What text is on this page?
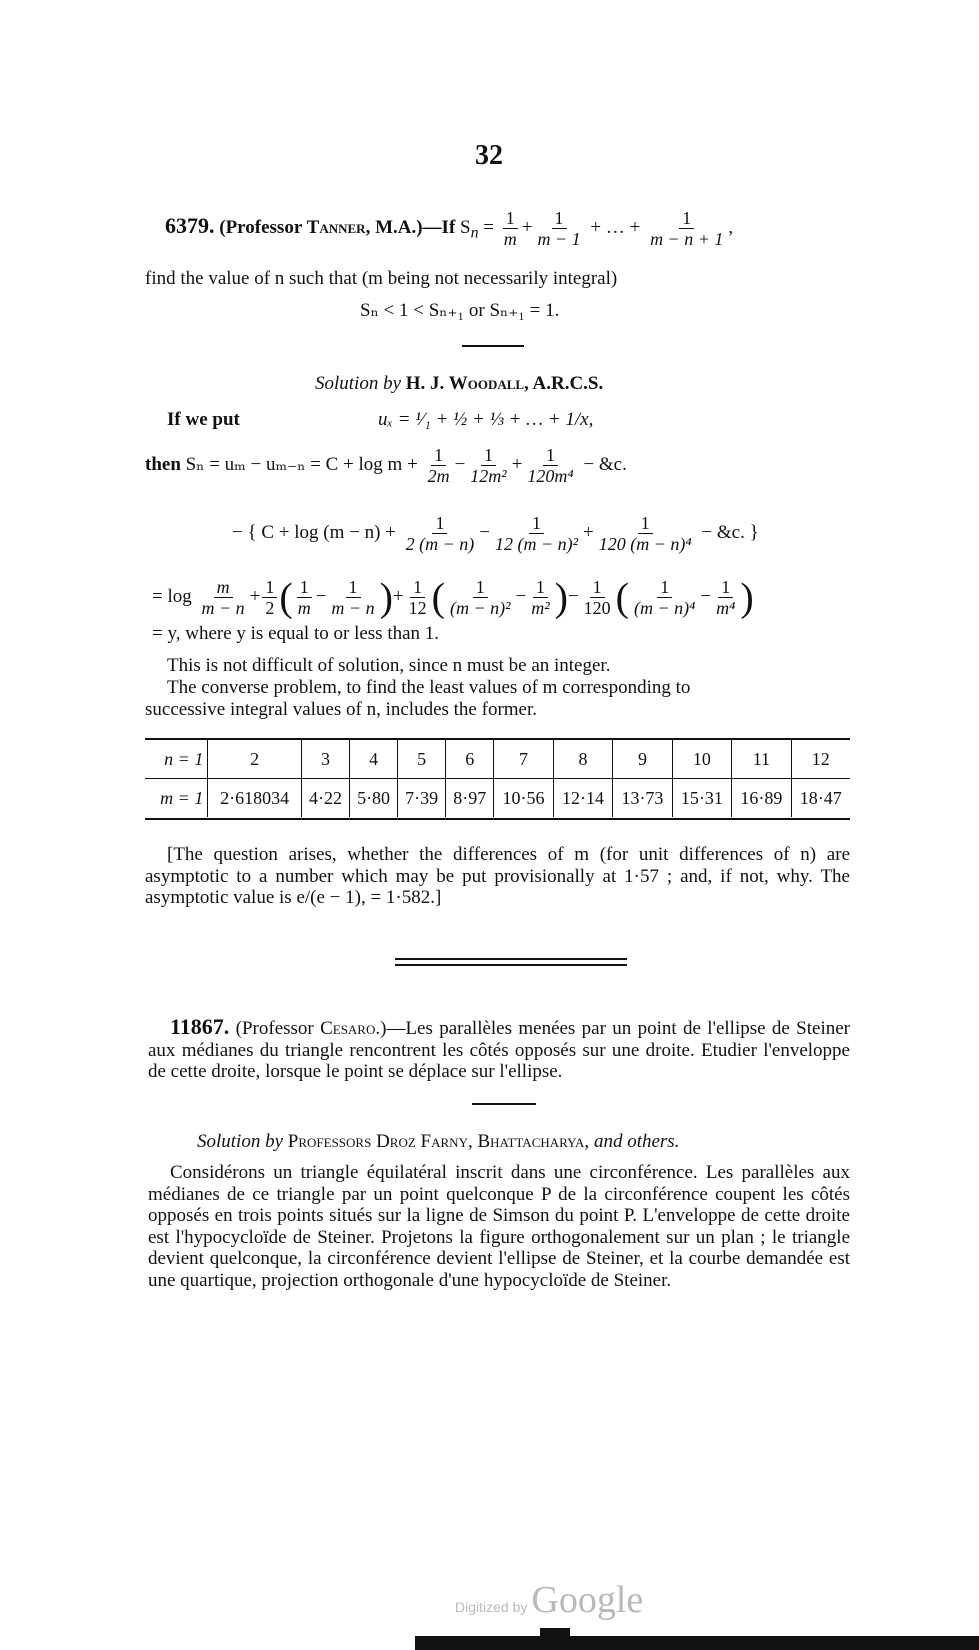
32
6379. (Professor Tanner, M.A.)—If $S_n = \frac{1}{m} + \frac{1}{m - 1}$ + … + $\frac{1}{m - n + 1}$ ,
find the value of n such that (m being not necessarily integral)
Sₙ < 1 < Sₙ₊₁ or Sₙ₊₁ = 1.
Solution by H. J. Woodall, A.R.C.S.
If we put	uₓ = ¹⁄₁ + ½ + ⅓ + … + 1/x,
then $S_n = u_m - u_{m-n} = C + \log m + \frac{1}{2m} - \frac{1}{\text{12m²}} + \frac{1}{\text{120m⁴}}$ − &c.
− { $C + \log (m - n) + \frac{1}{2 (m - n)} - \frac{1}{\text{12 (m − n)²}} + \frac{1}{\text{120 (m − n)⁴}}$ − &c. }
= $\log \frac{m}{m - n} + \frac{1}{2}$ ( $\frac{1}{m} - \frac{1}{m - n}$ )+ $\frac{1}{12}$ ( $\frac{1}{\text{(m − n)²}} - \frac{1}{\text{m²}}$ )− $\frac{1}{120}$ ( $\frac{1}{\text{(m − n)⁴}} - \frac{1}{\text{m⁴}}$ )
= y, where y is equal to or less than 1.
This is not difficult of solution, since n must be an integer.
The converse problem, to find the least values of m corresponding to
successive integral values of n, includes the former.
n = 1	2	3	4	5	6	7	8	9	10	11	12
m = 1	2·618034	4·22	5·80	7·39	8·97	10·56	12·14	13·73	15·31	16·89	18·47
[The question arises, whether the differences of m (for unit differences of n) are asymptotic to a number which may be put provisionally at 1·57 ; and, if not, why. The asymptotic value is e/(e − 1), = 1·582.]
11867. (Professor Cesaro.)—Les parallèles menées par un point de l'ellipse de Steiner aux médianes du triangle rencontrent les côtés opposés sur une droite. Etudier l'enveloppe de cette droite, lorsque le point se déplace sur l'ellipse.
Solution by Professors Droz Farny, Bhattacharya, and others.
Considérons un triangle équilatéral inscrit dans une circonférence. Les parallèles aux médianes de ce triangle par un point quelconque P de la circonférence coupent les côtés opposés en trois points situés sur la ligne de Simson du point P. L'enveloppe de cette droite est l'hypocycloïde de Steiner. Projetons la figure orthogonalement sur un plan ; le triangle devient quelconque, la circonférence devient l'ellipse de Steiner, et la courbe demandée est une quartique, projection orthogonale d'une hypocycloïde de Steiner.
Digitized by Google
